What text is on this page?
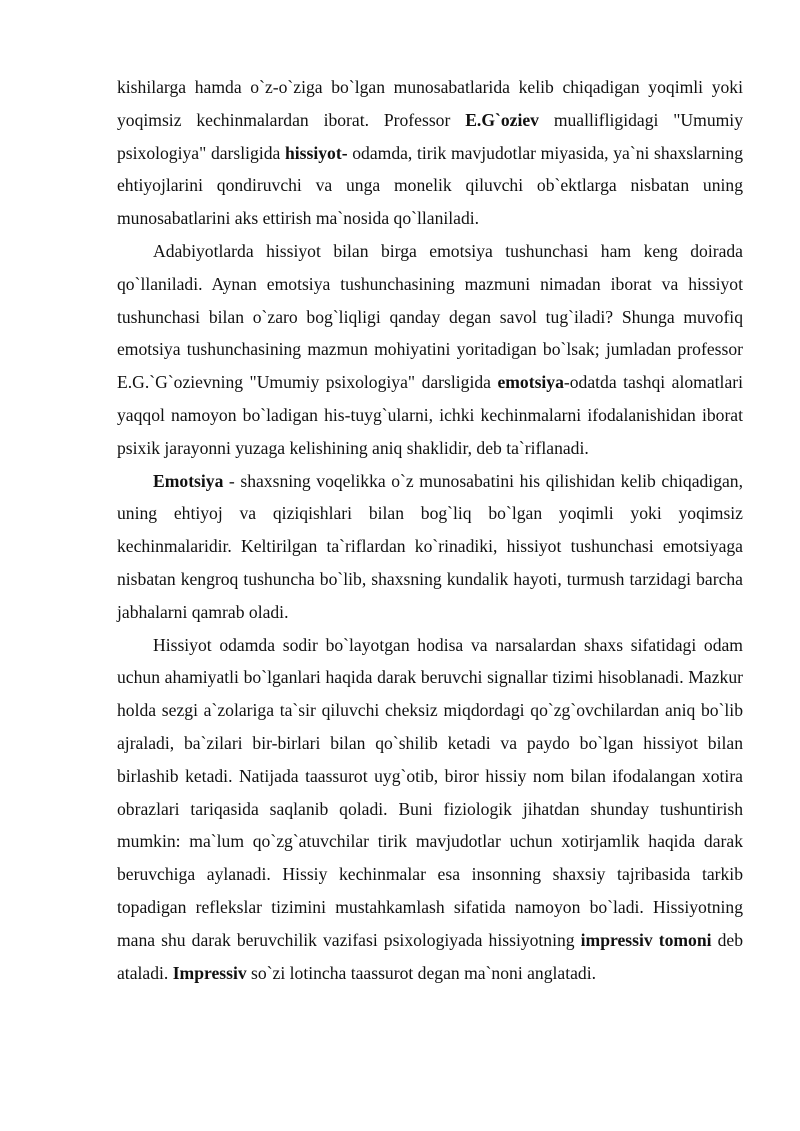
kishilarga hamda o`z-o`ziga bo`lgan munosabatlarida kelib chiqadigan yoqimli yoki yoqimsiz kechinmalardan iborat. Professor E.G`oziev muallifligidagi "Umumiy psixologiya" darsligida hissiyot- odamda, tirik mavjudotlar miyasida, ya`ni shaxslarning ehtiyojlarini qondiruvchi va unga monelik qiluvchi ob`ektlarga nisbatan uning munosabatlarini aks ettirish ma`nosida qo`llaniladi.

Adabiyotlarda hissiyot bilan birga emotsiya tushunchasi ham keng doirada qo`llaniladi. Aynan emotsiya tushunchasining mazmuni nimadan iborat va hissiyot tushunchasi bilan o`zaro bog`liqligi qanday degan savol tug`iladi? Shunga muvofiq emotsiya tushunchasining mazmun mohiyatini yoritadigan bo`lsak; jumladan professor E.G.`G`ozievning "Umumiy psixologiya" darsligida emotsiya-odatda tashqi alomatlari yaqqol namoyon bo`ladigan his-tuyg`ularni, ichki kechinmalarni ifodalanishidan iborat psixik jarayonni yuzaga kelishining aniq shaklidir, deb ta`riflanadi.

Emotsiya - shaxsning voqelikka o`z munosabatini his qilishidan kelib chiqadigan, uning ehtiyoj va qiziqishlari bilan bog`liq bo`lgan yoqimli yoki yoqimsiz kechinmalaridir. Keltirilgan ta`riflardan ko`rinadiki, hissiyot tushunchasi emotsiyaga nisbatan kengroq tushuncha bo`lib, shaxsning kundalik hayoti, turmush tarzidagi barcha jabhalarni qamrab oladi.

Hissiyot odamda sodir bo`layotgan hodisa va narsalardan shaxs sifatidagi odam uchun ahamiyatli bo`lganlari haqida darak beruvchi signallar tizimi hisoblanadi. Mazkur holda sezgi a`zolariga ta`sir qiluvchi cheksiz miqdordagi qo`zg`ovchilardan aniq bo`lib ajraladi, ba`zilari bir-birlari bilan qo`shilib ketadi va paydo bo`lgan hissiyot bilan birlashib ketadi. Natijada taassurot uyg`otib, biror hissiy nom bilan ifodalangan xotira obrazlari tariqasida saqlanib qoladi. Buni fiziologik jihatdan shunday tushuntirish mumkin: ma`lum qo`zg`atuvchilar tirik mavjudotlar uchun xotirjamlik haqida darak beruvchiga aylanadi. Hissiy kechinmalar esa insonning shaxsiy tajribasida tarkib topadigan reflekslar tizimini mustahkamlash sifatida namoyon bo`ladi. Hissiyotning mana shu darak beruvchilik vazifasi psixologiyada hissiyotning impressiv tomoni deb ataladi. Impressiv so`zi lotincha taassurot degan ma`noni anglatadi.
